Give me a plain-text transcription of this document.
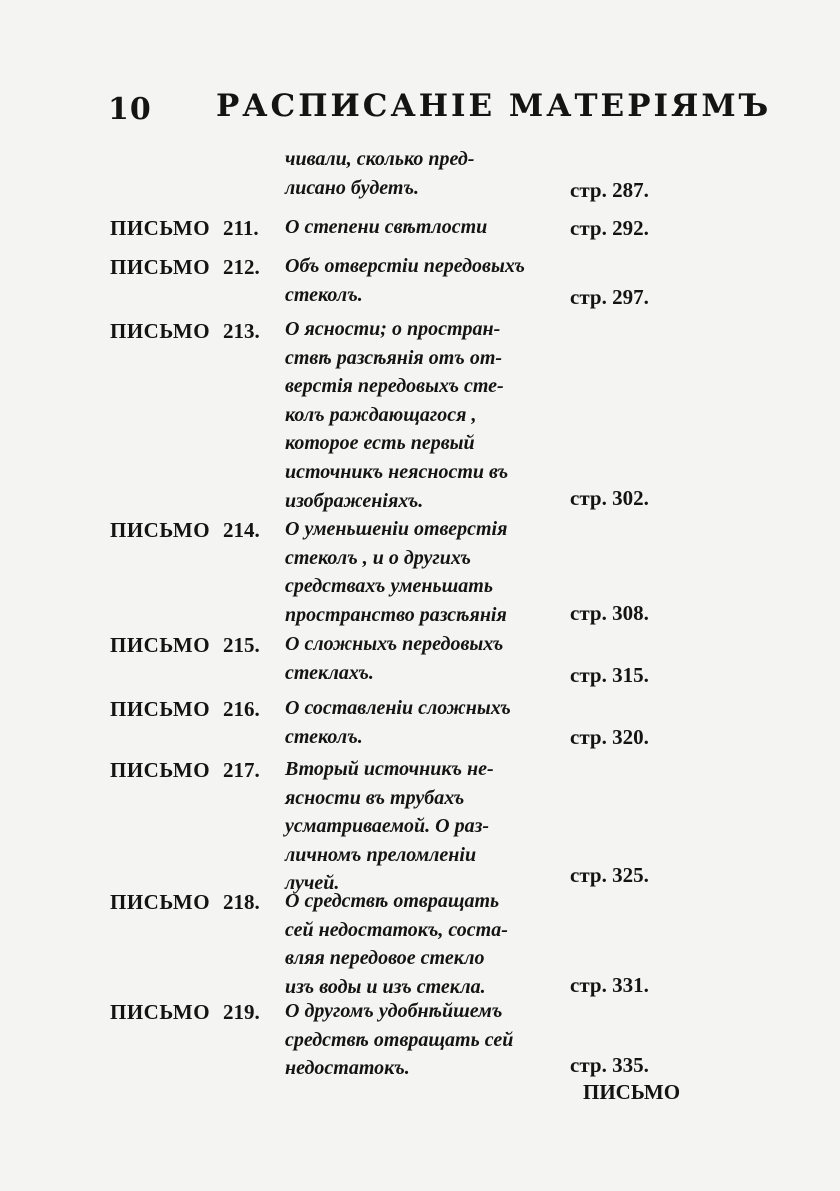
10 РАСПИСАНІЕ МАТЕРІЯМЪ
чивали, сколько пред-
лисано будетъ.	стр. 287.
ПИСЬМО 211. О степени свѣтлости	стр. 292.
ПИСЬМО 212. Объ отверстіи передовыхъ
стеколъ.	стр. 297.
ПИСЬМО 213. О ясности; о простран-
ствѣ разсѣянія отъ от-
верстія передовыхъ сте-
колъ раждающагося ,
которое есть первый
источникъ неясности въ
изображеніяхъ.	стр. 302.
ПИСЬМО 214. О уменьшеніи отверстія
стеколъ , и о другихъ
средствахъ уменьшать
пространство разсѣянія	стр. 308.
ПИСЬМО 215. О сложныхъ передовыхъ
стеклахъ.	стр. 315.
ПИСЬМО 216. О составленіи сложныхъ
стеколъ.	стр. 320.
ПИСЬМО 217. Вторый источникъ не-
ясности въ трубахъ
усматриваемой. О раз-
личномъ преломленіи
лучей.	стр. 325.
ПИСЬМО 218. О средствѣ отвращать
сей недостатокъ, соста-
вляя передовое стекло
изъ воды и изъ стекла.	стр. 331.
ПИСЬМО 219. О другомъ удобнѣйшемъ
средствѣ отвращать сей
недостатокъ.	стр. 335.
ПИСЬМО
